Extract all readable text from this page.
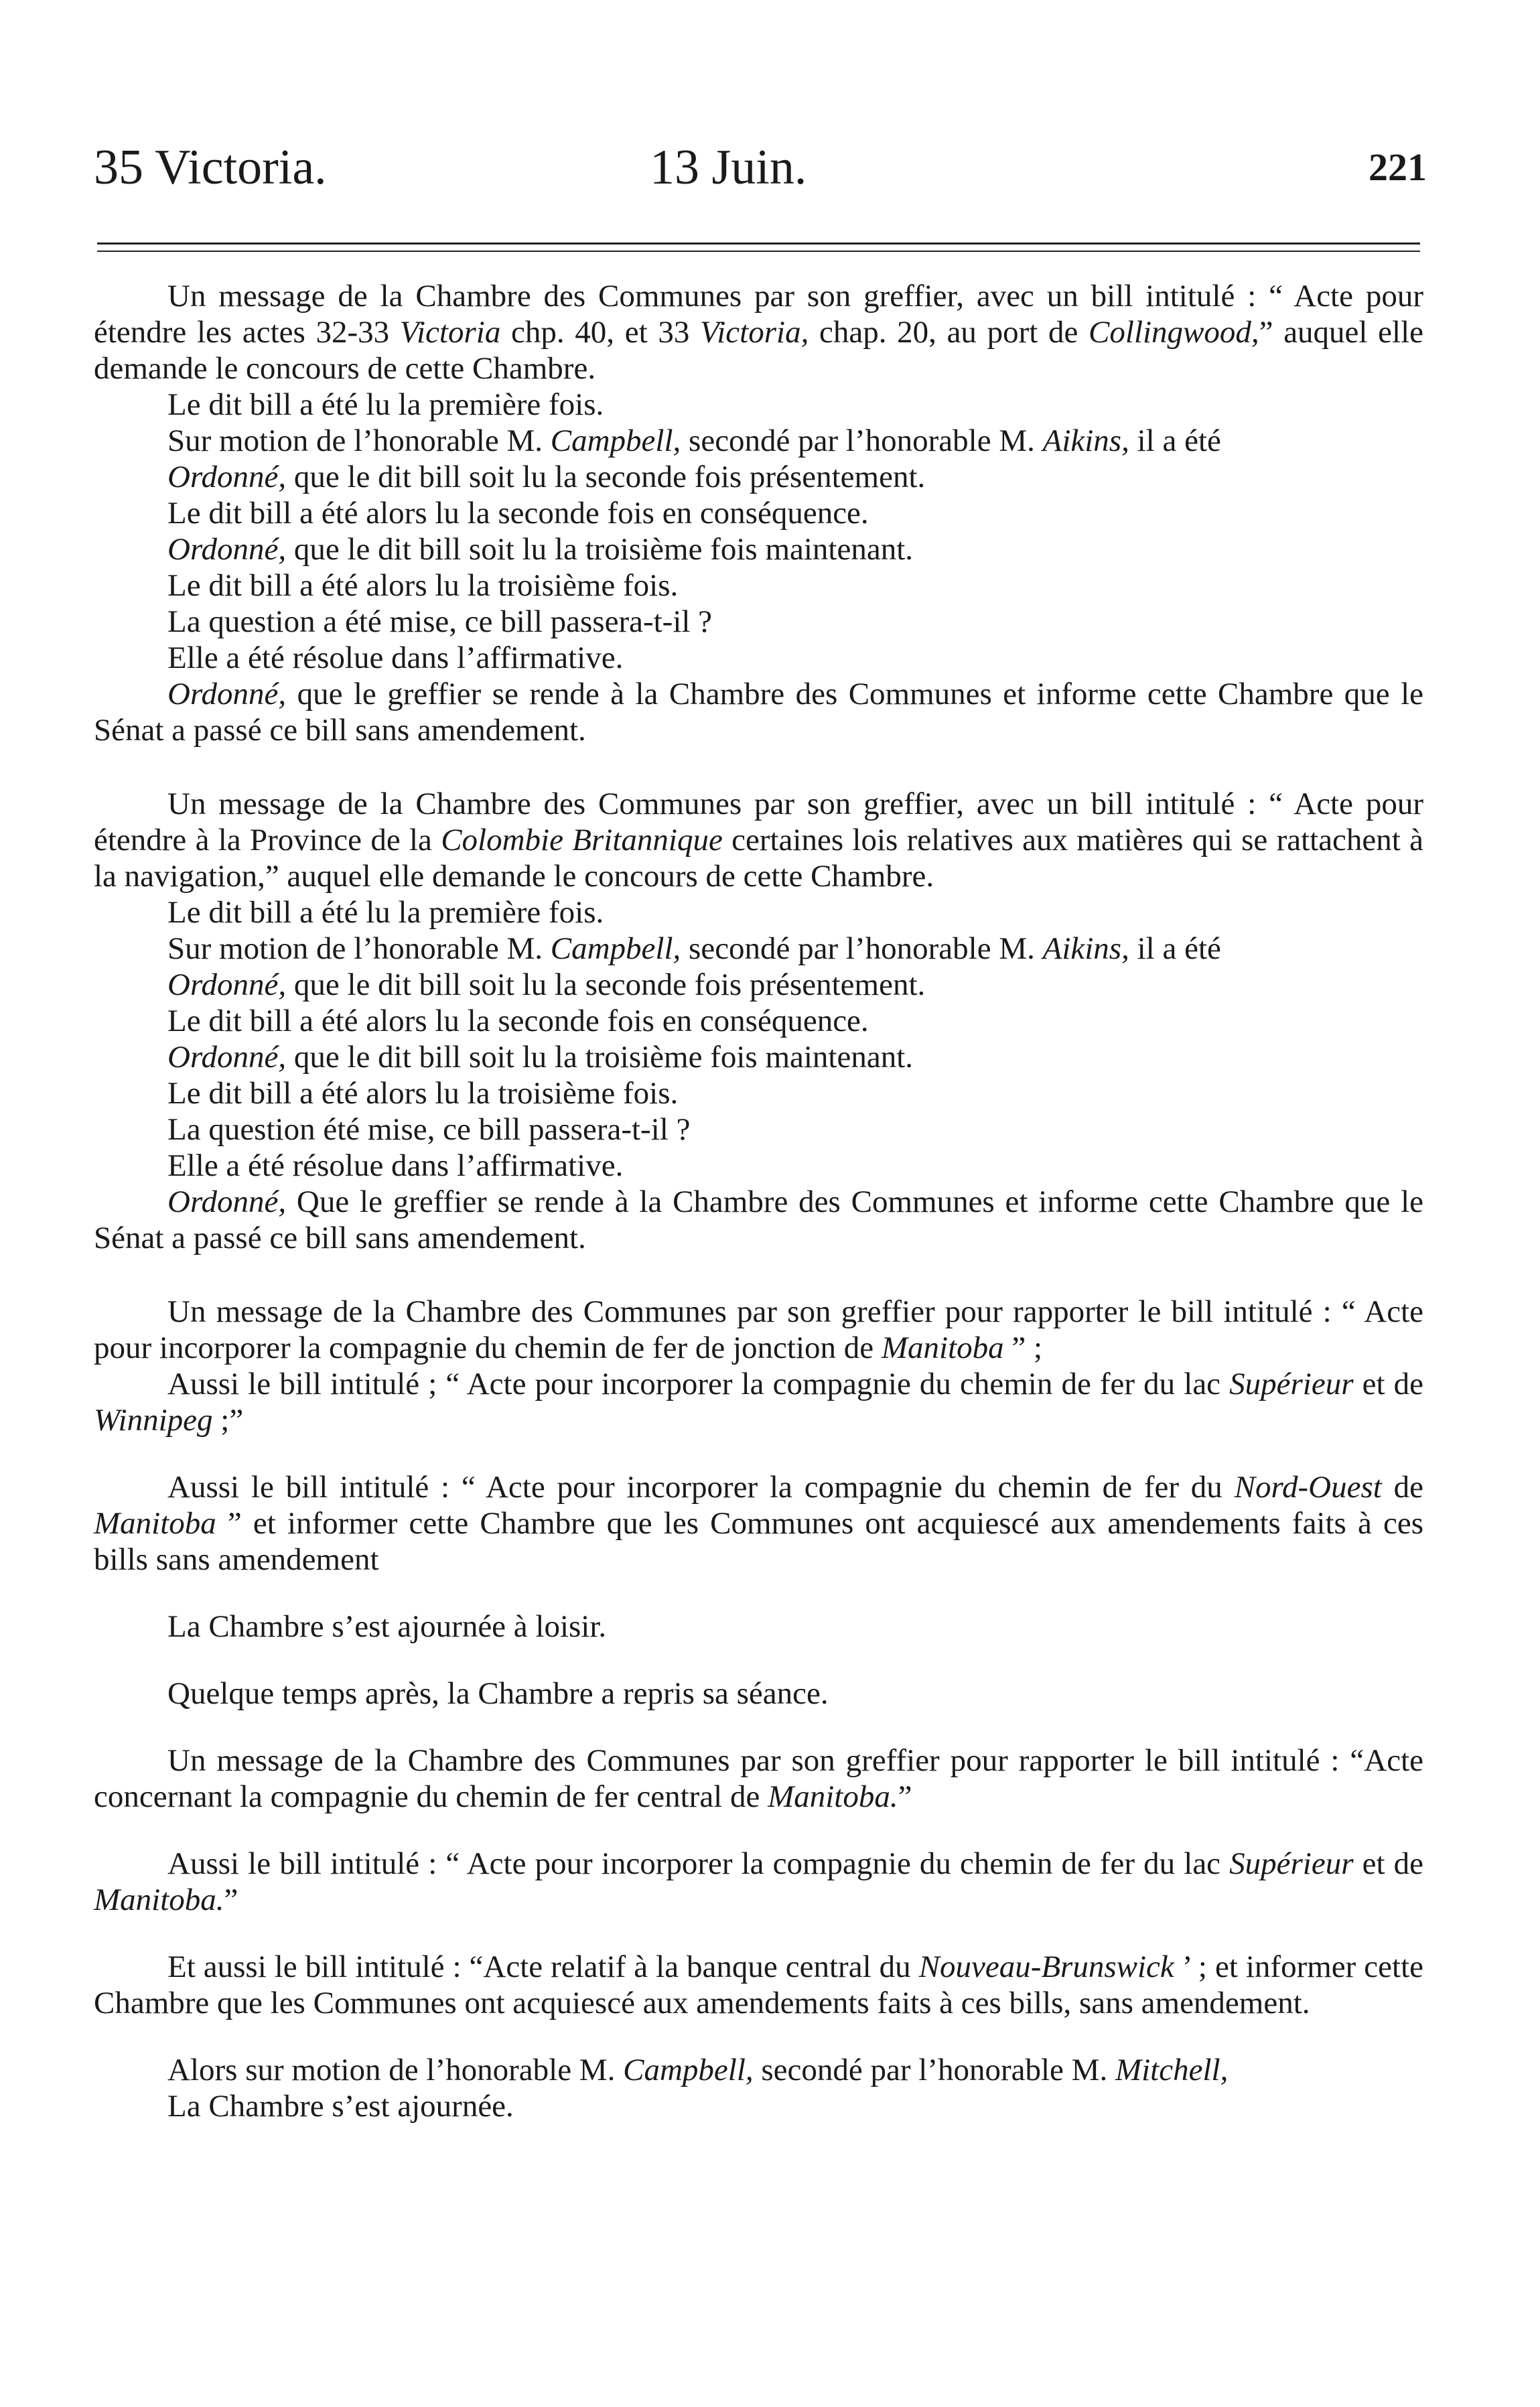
35 Victoria.	13 Juin.	221

Un message de la Chambre des Communes par son greffier, avec un bill intitulé : “ Acte pour étendre les actes 32-33 Victoria chp. 40, et 33 Victoria, chap. 20, au port de Collingwood,” auquel elle demande le concours de cette Chambre.

Le dit bill a été lu la première fois.
Sur motion de l’honorable M. Campbell, secondé par l’honorable M. Aikins, il a été
Ordonné, que le dit bill soit lu la seconde fois présentement.
Le dit bill a été alors lu la seconde fois en conséquence.
Ordonné, que le dit bill soit lu la troisième fois maintenant.
Le dit bill a été alors lu la troisième fois.
La question a été mise, ce bill passera-t-il ?
Elle a été résolue dans l’affirmative.

Ordonné, que le greffier se rende à la Chambre des Communes et informe cette Chambre que le Sénat a passé ce bill sans amendement.

Un message de la Chambre des Communes par son greffier, avec un bill intitulé : “ Acte pour étendre à la Province de la Colombie Britannique certaines lois relatives aux matières qui se rattachent à la navigation,” auquel elle demande le concours de cette Chambre.

Le dit bill a été lu la première fois.
Sur motion de l’honorable M. Campbell, secondé par l’honorable M. Aikins, il a été
Ordonné, que le dit bill soit lu la seconde fois présentement.
Le dit bill a été alors lu la seconde fois en conséquence.
Ordonné, que le dit bill soit lu la troisième fois maintenant.
Le dit bill a été alors lu la troisième fois.
La question été mise, ce bill passera-t-il ?
Elle a été résolue dans l’affirmative.

Ordonné, Que le greffier se rende à la Chambre des Communes et informe cette Chambre que le Sénat a passé ce bill sans amendement.

Un message de la Chambre des Communes par son greffier pour rapporter le bill intitulé : “ Acte pour incorporer la compagnie du chemin de fer de jonction de Manitoba ” ;

Aussi le bill intitulé ; “ Acte pour incorporer la compagnie du chemin de fer du lac Supérieur et de Winnipeg ;”

Aussi le bill intitulé : “ Acte pour incorporer la compagnie du chemin de fer du Nord-Ouest de Manitoba ” et informer cette Chambre que les Communes ont acquiescé aux amendements faits à ces bills sans amendement

La Chambre s’est ajournée à loisir.
Quelque temps après, la Chambre a repris sa séance.

Un message de la Chambre des Communes par son greffier pour rapporter le bill intitulé : “Acte concernant la compagnie du chemin de fer central de Manitoba.”

Aussi le bill intitulé : “ Acte pour incorporer la compagnie du chemin de fer du lac Supérieur et de Manitoba.”

Et aussi le bill intitulé : “Acte relatif à la banque central du Nouveau-Brunswick ’ ; et informer cette Chambre que les Communes ont acquiescé aux amendements faits à ces bills, sans amendement.

Alors sur motion de l’honorable M. Campbell, secondé par l’honorable M. Mitchell,
La Chambre s’est ajournée.
